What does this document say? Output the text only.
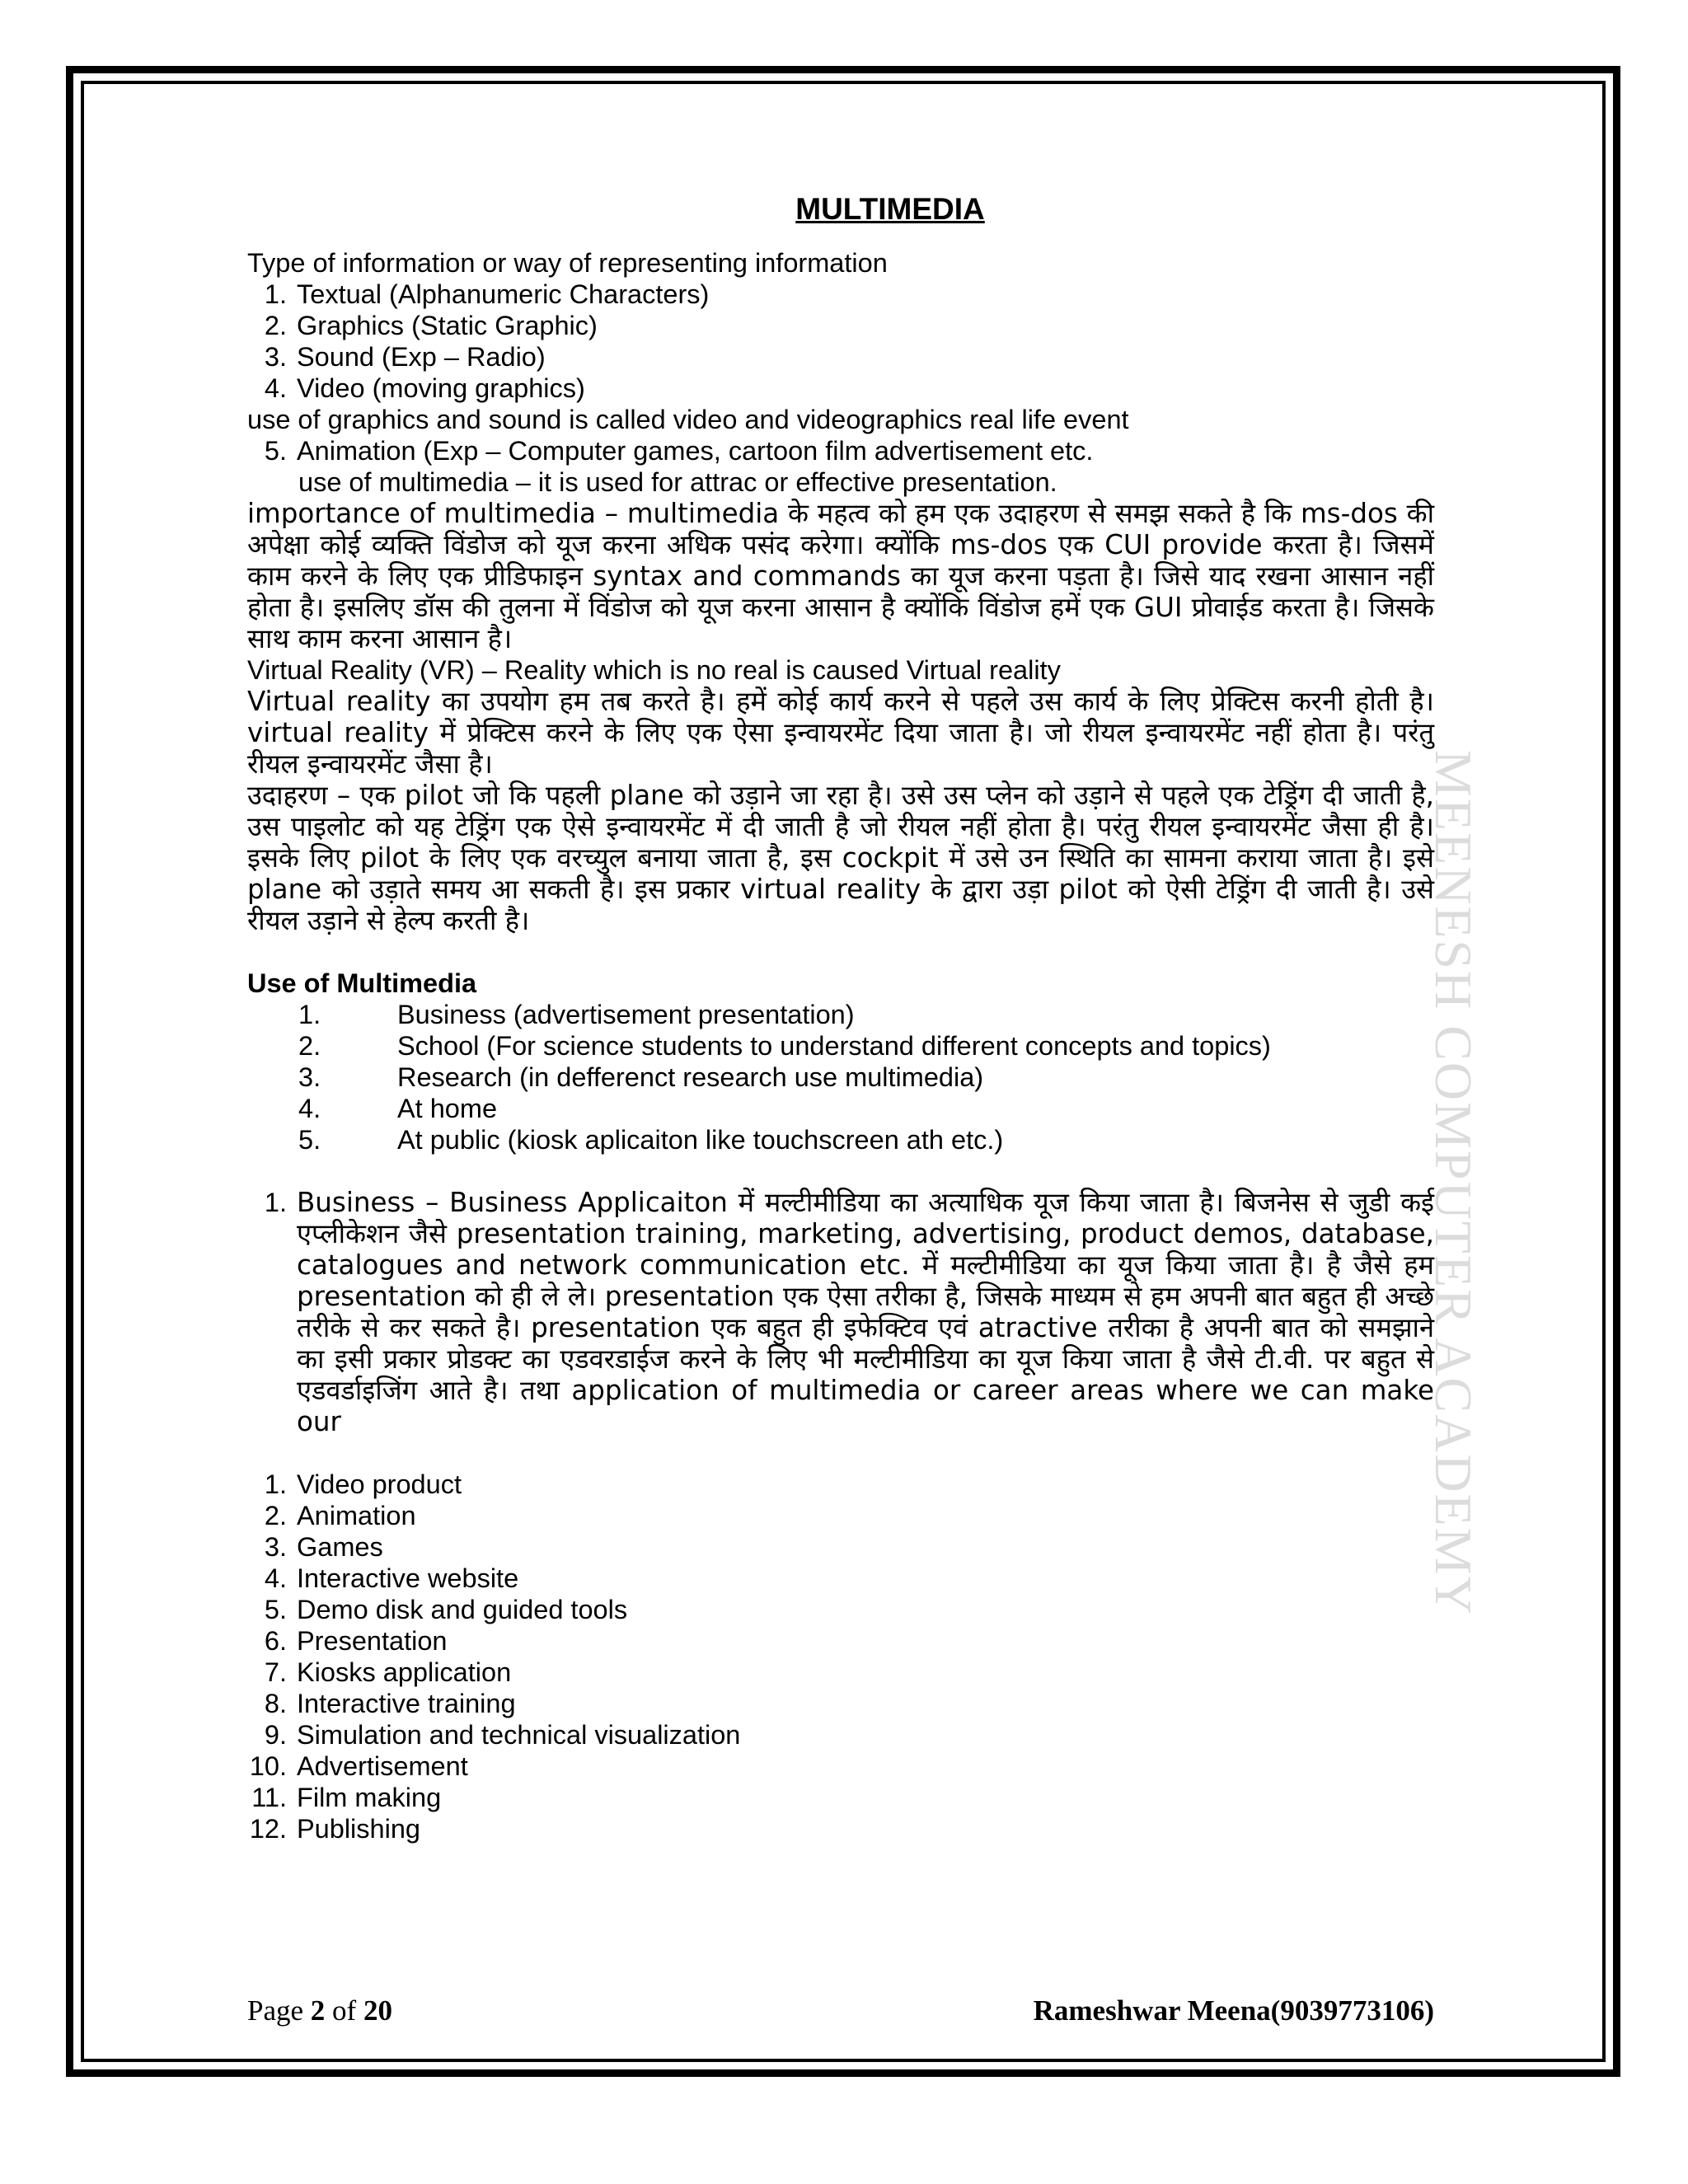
MEENESH COMPUTER ACADEMY
MULTIMEDIA

Type of information or way of representing information

1. Textual (Alphanumeric Characters)
2. Graphics (Static Graphic)
3. Sound (Exp – Radio)
4. Video (moving graphics)

use of graphics and sound is called video and videographics real life event

5. Animation (Exp – Computer games, cartoon film advertisement etc.

use of multimedia – it is used for attrac or effective presentation.

importance of multimedia – multimedia के महत्व को हम एक उदाहरण से समझ सकते है कि ms-dos की अपेक्षा कोई व्यक्ति विंडोज को यूज करना अधिक पसंद करेगा। क्योंकि ms-dos एक CUI provide करता है। जिसमें काम करने के लिए एक प्रीडिफाइन syntax and commands का यूज करना पड़ता है। जिसे याद रखना आसान नहीं होता है। इसलिए डॉस की तुलना में विंडोज को यूज करना आसान है क्योंकि विंडोज हमें एक GUI प्रोवाईड करता है। जिसके साथ काम करना आसान है।

Virtual Reality (VR) – Reality which is no real is caused Virtual reality

Virtual reality का उपयोग हम तब करते है। हमें कोई कार्य करने से पहले उस कार्य के लिए प्रेक्टिस करनी होती है। virtual reality में प्रेक्टिस करने के लिए एक ऐसा इन्वायरमेंट दिया जाता है। जो रीयल इन्वायरमेंट नहीं होता है। परंतु रीयल इन्वायरमेंट जैसा है।

उदाहरण – एक pilot जो कि पहली plane को उड़ाने जा रहा है। उसे उस प्लेन को उड़ाने से पहले एक टेड्रिंग दी जाती है, उस पाइलोट को यह टेड्रिंग एक ऐसे इन्वायरमेंट में दी जाती है जो रीयल नहीं होता है। परंतु रीयल इन्वायरमेंट जैसा ही है। इसके लिए pilot के लिए एक वरच्युल बनाया जाता है, इस cockpit में उसे उन स्थिति का सामना कराया जाता है। इसे plane को उड़ाते समय आ सकती है। इस प्रकार virtual reality के द्वारा उड़ा pilot को ऐसी टेड्रिंग दी जाती है। उसे रीयल उड़ाने से हेल्प करती है।

Use of Multimedia

1.	Business (advertisement presentation)
2.	School (For science students to understand different concepts and topics)
3.	Research (in defferenct research use multimedia)
4.	At home
5.	At public (kiosk aplicaiton like touchscreen ath etc.)
1. Business – Business Applicaiton में मल्टीमीडिया का अत्याधिक यूज किया जाता है। बिजनेस से जुडी कई एप्लीकेशन जैसे presentation training, marketing, advertising, product demos, database, catalogues and network communication etc. में मल्टीमीडिया का यूज किया जाता है। है जैसे हम presentation को ही ले ले। presentation एक ऐसा तरीका है, जिसके माध्यम से हम अपनी बात बहुत ही अच्छे तरीके से कर सकते है। presentation एक बहुत ही इफेक्टिव एवं atractive तरीका है अपनी बात को समझाने का इसी प्रकार प्रोडक्ट का एडवरडाईज करने के लिए भी मल्टीमीडिया का यूज किया जाता है जैसे टी.वी. पर बहुत से एडवर्डाइजिंग आते है। तथा application of multimedia or career areas where we can make our
1. Video product
2. Animation
3. Games
4. Interactive website
5. Demo disk and guided tools
6. Presentation
7. Kiosks application
8. Interactive training
9. Simulation and technical visualization
10. Advertisement
11. Film making
12. Publishing
Page 2 of 20	Rameshwar Meena(9039773106)
